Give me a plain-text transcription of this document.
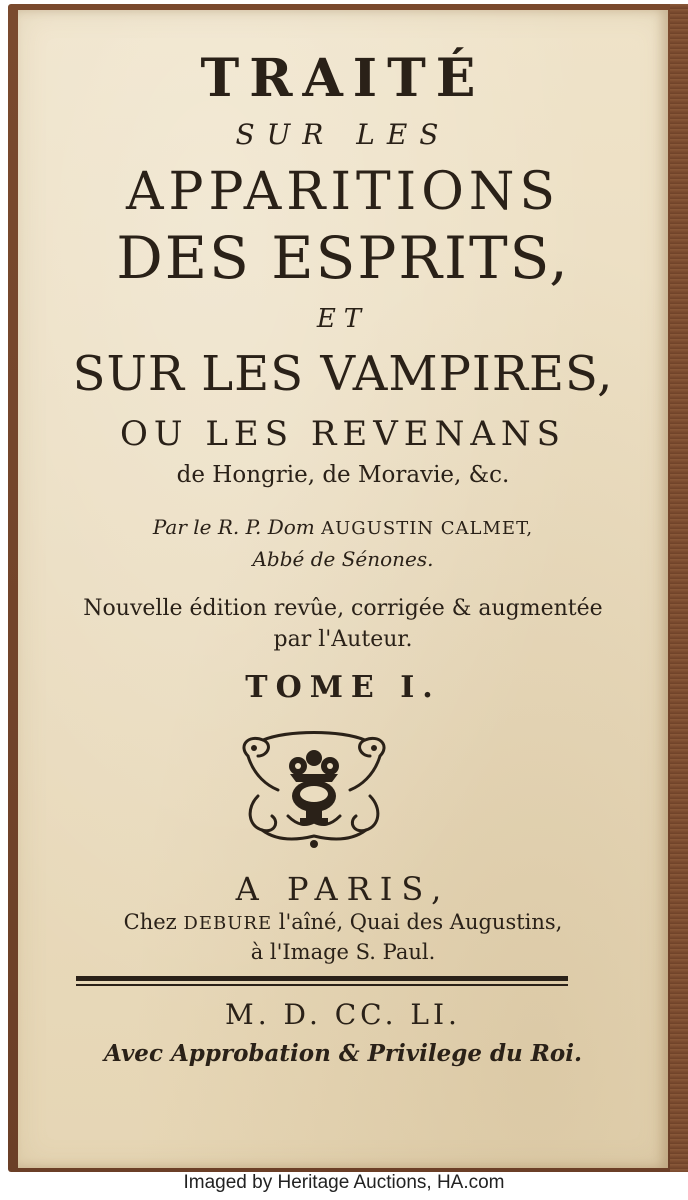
TRAITÉ

SUR LES

APPARITIONS

DES ESPRITS,

ET

SUR LES VAMPIRES,

OU LES REVENANS

de Hongrie, de Moravie, &c.

Par le R. P. Dom AUGUSTIN CALMET,

Abbé de Sénones.

Nouvelle édition revûe, corrigée & augmentée

par l'Auteur.

TOME I.

A PARIS,

Chez DEBURE l'aîné, Quai des Augustins,

à l'Image S. Paul.

M. D. CC. LI.

Avec Approbation & Privilege du Roi.

Imaged by Heritage Auctions, HA.com
